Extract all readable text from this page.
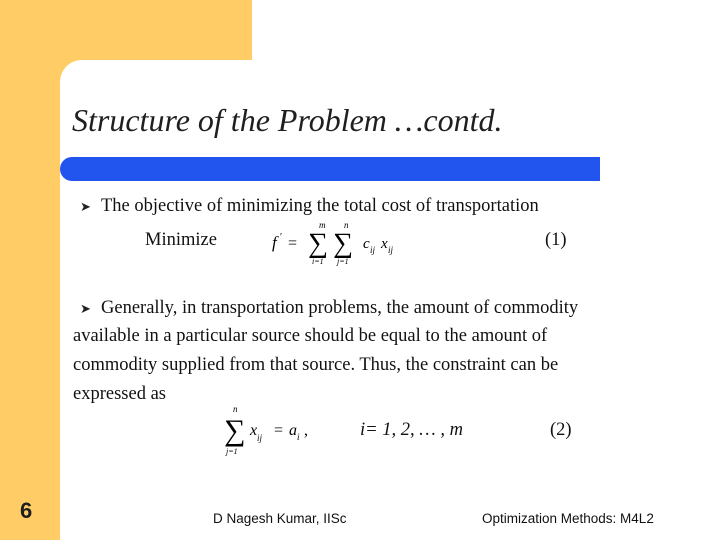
Structure of the Problem …contd.
➤ The objective of minimizing the total cost of transportation
Minimize	f ′ =
m
∑
i=1
n
∑
j=1
c ij x ij	(1)
➤ Generally, in transportation problems, the amount of commodity
available in a particular source should be equal to the amount of
commodity supplied from that source. Thus, the constraint can be
expressed as
n
∑
j=1
x ij = a i ,	i= 1, 2, … , m	(2)
6	D Nagesh Kumar, IISc	Optimization Methods: M4L2
